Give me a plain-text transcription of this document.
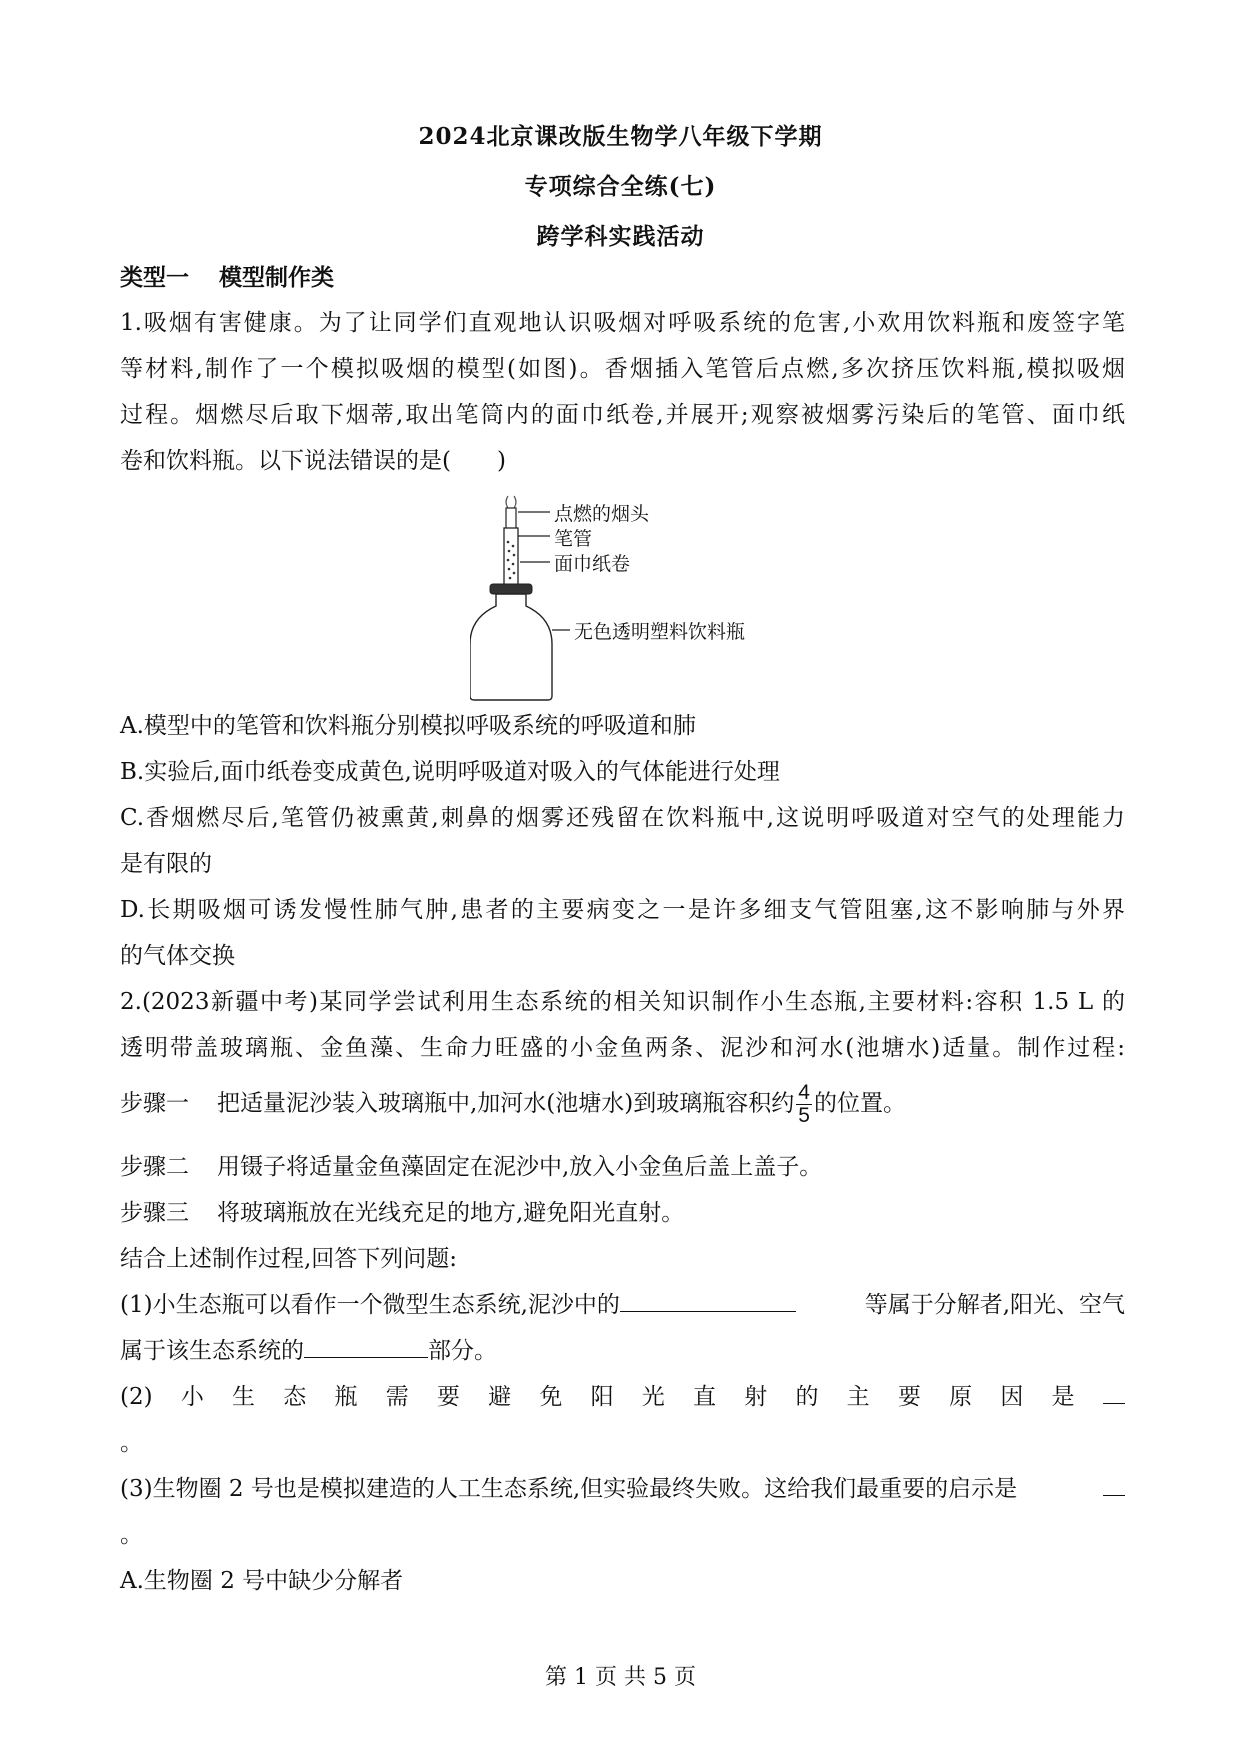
2024北京课改版生物学八年级下学期
专项综合全练(七)
跨学科实践活动
类型一 模型制作类
1.吸烟有害健康。为了让同学们直观地认识吸烟对呼吸系统的危害,小欢用饮料瓶和废签字笔
等材料,制作了一个模拟吸烟的模型(如图)。香烟插入笔管后点燃,多次挤压饮料瓶,模拟吸烟
过程。烟燃尽后取下烟蒂,取出笔筒内的面巾纸卷,并展开;观察被烟雾污染后的笔管、面巾纸
卷和饮料瓶。以下说法错误的是(　　)
点燃的烟头
笔管
面巾纸卷
无色透明塑料饮料瓶
A.模型中的笔管和饮料瓶分别模拟呼吸系统的呼吸道和肺
B.实验后,面巾纸卷变成黄色,说明呼吸道对吸入的气体能进行处理
C.香烟燃尽后,笔管仍被熏黄,刺鼻的烟雾还残留在饮料瓶中,这说明呼吸道对空气的处理能力
是有限的
D.长期吸烟可诱发慢性肺气肿,患者的主要病变之一是许多细支气管阻塞,这不影响肺与外界
的气体交换
2.(2023新疆中考)某同学尝试利用生态系统的相关知识制作小生态瓶,主要材料:容积 1.5 L 的
透明带盖玻璃瓶、金鱼藻、生命力旺盛的小金鱼两条、泥沙和河水(池塘水)适量。制作过程:
步骤一 把适量泥沙装入玻璃瓶中,加河水(池塘水)到玻璃瓶容积约 $\frac{4}{5}$ 的位置。
步骤二 用镊子将适量金鱼藻固定在泥沙中,放入小金鱼后盖上盖子。
步骤三 将玻璃瓶放在光线充足的地方,避免阳光直射。
结合上述制作过程,回答下列问题:
(1)小生态瓶可以看作一个微型生态系统,泥沙中的	等属于分解者,阳光、空气
属于该生态系统的	部分。
(2) 小 生 态 瓶 需 要 避 免 阳 光 直 射 的 主 要 原 因 是
。
(3)生物圈 2 号也是模拟建造的人工生态系统,但实验最终失败。这给我们最重要的启示是
。
A.生物圈 2 号中缺少分解者
第 1 页 共 5 页
